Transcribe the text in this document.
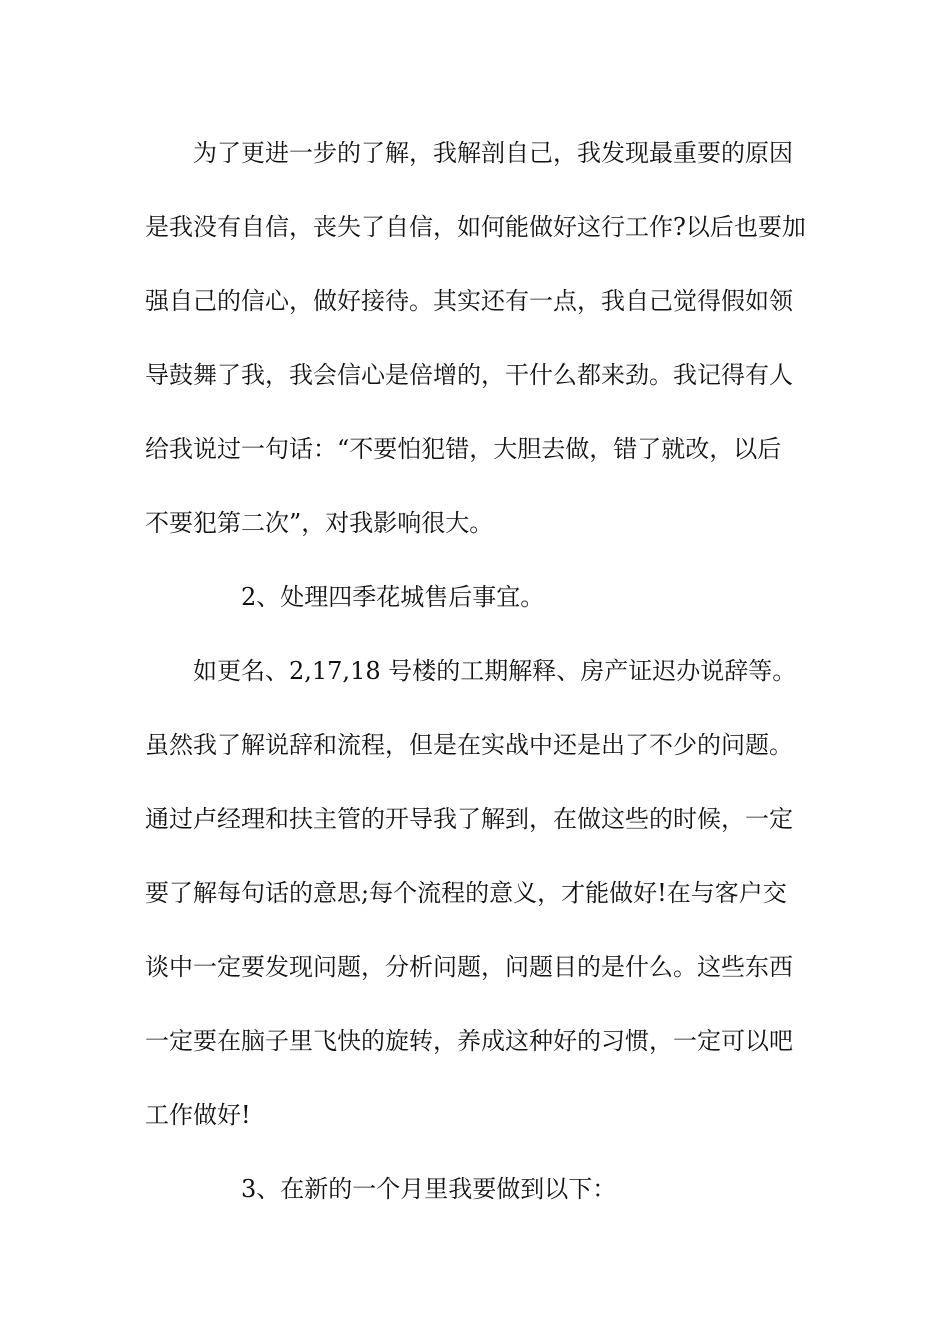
为了更进一步的了解，我解剖自己，我发现最重要的原因

是我没有自信，丧失了自信，如何能做好这行工作?以后也要加

强自己的信心，做好接待。其实还有一点，我自己觉得假如领

导鼓舞了我，我会信心是倍增的，干什么都来劲。我记得有人

给我说过一句话：“不要怕犯错，大胆去做，错了就改，以后

不要犯第二次”，对我影响很大。

2、处理四季花城售后事宜。

如更名、2,17,18 号楼的工期解释、房产证迟办说辞等。

虽然我了解说辞和流程，但是在实战中还是出了不少的问题。

通过卢经理和扶主管的开导我了解到，在做这些的时候，一定

要了解每句话的意思;每个流程的意义，才能做好!在与客户交

谈中一定要发现问题，分析问题，问题目的是什么。这些东西

一定要在脑子里飞快的旋转，养成这种好的习惯，一定可以吧

工作做好!

3、在新的一个月里我要做到以下：
